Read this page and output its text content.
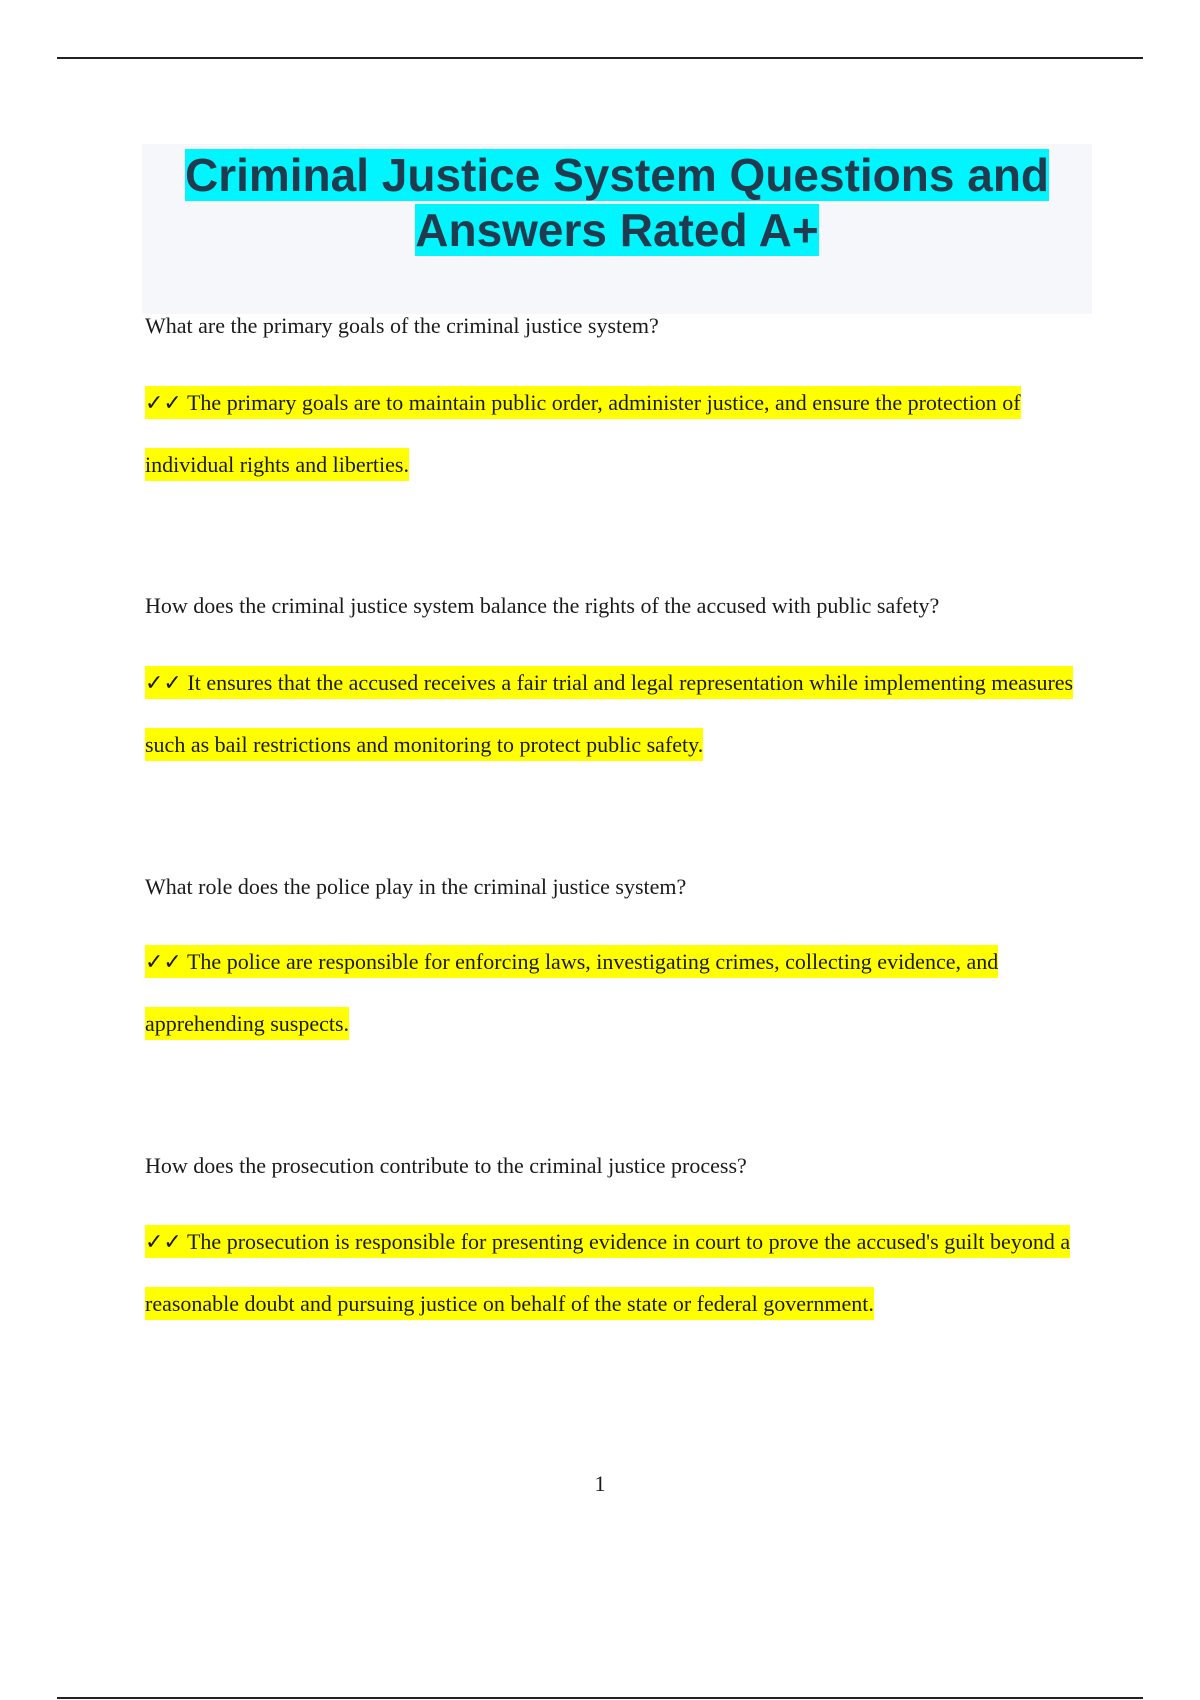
Criminal Justice System Questions and Answers Rated A+

What are the primary goals of the criminal justice system?

✓✓ The primary goals are to maintain public order, administer justice, and ensure the protection of individual rights and liberties.

How does the criminal justice system balance the rights of the accused with public safety?

✓✓ It ensures that the accused receives a fair trial and legal representation while implementing measures such as bail restrictions and monitoring to protect public safety.

What role does the police play in the criminal justice system?

✓✓ The police are responsible for enforcing laws, investigating crimes, collecting evidence, and apprehending suspects.

How does the prosecution contribute to the criminal justice process?

✓✓ The prosecution is responsible for presenting evidence in court to prove the accused's guilt beyond a reasonable doubt and pursuing justice on behalf of the state or federal government.

1
